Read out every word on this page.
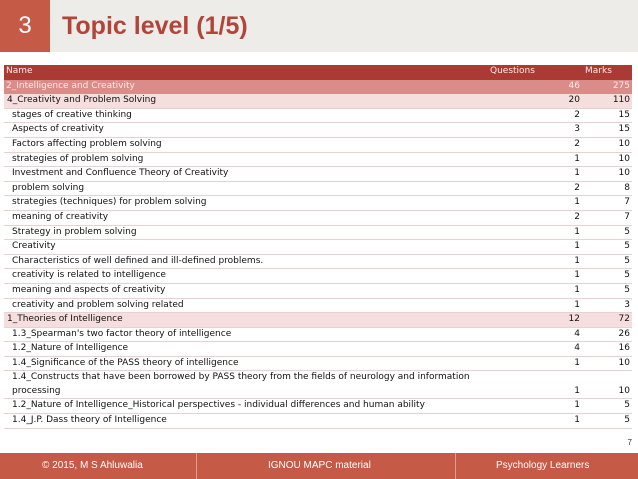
3	Topic level (1/5)
Name	Questions	Marks
2_Intelligence and Creativity	46	275
4_Creativity and Problem Solving	20	110
stages of creative thinking	2	15
Aspects of creativity	3	15
Factors affecting problem solving	2	10
strategies of problem solving	1	10
Investment and Confluence Theory of Creativity	1	10
problem solving	2	8
strategies (techniques) for problem solving	1	7
meaning of creativity	2	7
Strategy in problem solving	1	5
Creativity	1	5
Characteristics of well defined and ill-defined problems.	1	5
creativity is related to intelligence	1	5
meaning and aspects of creativity	1	5
creativity and problem solving related	1	3
1_Theories of Intelligence	12	72
1.3_Spearman's two factor theory of intelligence	4	26
1.2_Nature of Intelligence	4	16
1.4_Significance of the PASS theory of intelligence	1	10
1.4_Constructs that have been borrowed by PASS theory from the fields of neurology and information processing	1	10
1.2_Nature of Intelligence_Historical perspectives - individual differences and human ability	1	5
1.4_J.P. Dass theory of Intelligence	1	5
7
© 2015, M S Ahluwalia	IGNOU MAPC material	Psychology Learners
